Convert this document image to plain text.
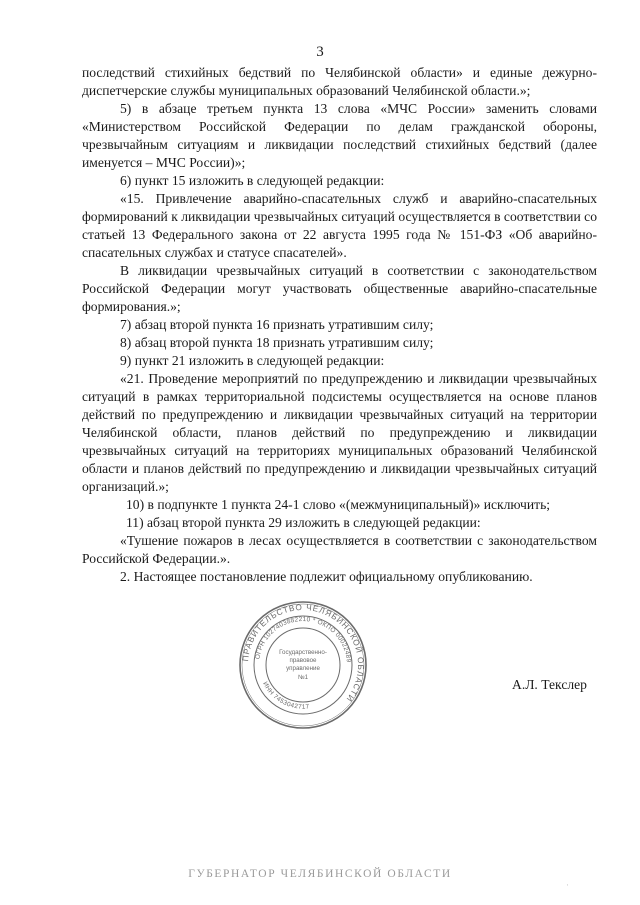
3

последствий стихийных бедствий по Челябинской области» и единые дежурно-диспетчерские службы муниципальных образований Челябинской области.»;

5) в абзаце третьем пункта 13 слова «МЧС России» заменить словами «Министерством Российской Федерации по делам гражданской обороны, чрезвычайным ситуациям и ликвидации последствий стихийных бедствий (далее именуется – МЧС России)»;

6) пункт 15 изложить в следующей редакции:

«15. Привлечение аварийно-спасательных служб и аварийно-спасательных формирований к ликвидации чрезвычайных ситуаций осуществляется в соответствии со статьей 13 Федерального закона от 22 августа 1995 года № 151-ФЗ «Об аварийно-спасательных службах и статусе спасателей».

В ликвидации чрезвычайных ситуаций в соответствии с законодательством Российской Федерации могут участвовать общественные аварийно-спасательные формирования.»;

7) абзац второй пункта 16 признать утратившим силу;

8) абзац второй пункта 18 признать утратившим силу;

9) пункт 21 изложить в следующей редакции:

«21. Проведение мероприятий по предупреждению и ликвидации чрезвычайных ситуаций в рамках территориальной подсистемы осуществляется на основе планов действий по предупреждению и ликвидации чрезвычайных ситуаций на территории Челябинской области, планов действий по предупреждению и ликвидации чрезвычайных ситуаций на территориях муниципальных образований Челябинской области и планов действий по предупреждению и ликвидации чрезвычайных ситуаций организаций.»;

10) в подпункте 1 пункта 24-1 слово «(межмуниципальный)» исключить;

11) абзац второй пункта 29 изложить в следующей редакции:

«Тушение пожаров в лесах осуществляется в соответствии с законодательством Российской Федерации.».

2. Настоящее постановление подлежит официальному опубликованию.

ПРАВИТЕЛЬСТВО ЧЕЛЯБИНСКОЙ ОБЛАСТИ
ОГРН 1027403882210 * ОКПО 00022489
ИНН 7453042717
Государственно-
правовое
управление
№1	А.Л. Текслер
ГУБЕРНАТОР ЧЕЛЯБИНСКОЙ ОБЛАСТИ
·
